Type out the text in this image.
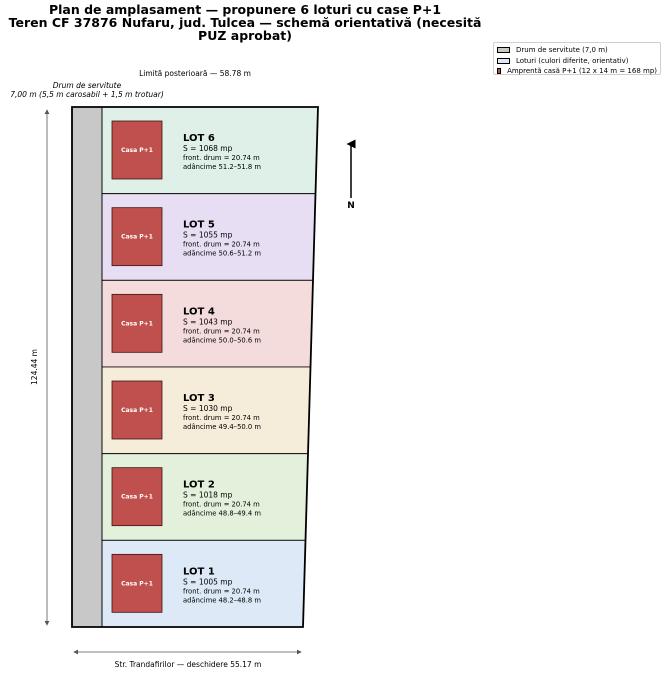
Plan de amplasament — propunere 6 loturi cu case P+1
Teren CF 37876 Nufaru, jud. Tulcea — schemă orientativă (necesită PUZ aprobat)
Limită posterioară — 58.78 m
Drum de servitute
7,00 m (5,5 m carosabil + 1,5 m trotuar)
Casa P+1
LOT 6
S = 1068 mp
front. drum = 20.74 m
adâncime 51.2–51.8 m
Casa P+1
LOT 5
S = 1055 mp
front. drum = 20.74 m
adâncime 50.6–51.2 m
Casa P+1
LOT 4
S = 1043 mp
front. drum = 20.74 m
adâncime 50.0–50.6 m
Casa P+1
LOT 3
S = 1030 mp
front. drum = 20.74 m
adâncime 49.4–50.0 m
Casa P+1
LOT 2
S = 1018 mp
front. drum = 20.74 m
adâncime 48.8–49.4 m
Casa P+1
LOT 1
S = 1005 mp
front. drum = 20.74 m
adâncime 48.2–48.8 m
124.44 m
Str. Trandafirilor — deschidere 55.17 m
N
Drum de servitute (7,0 m)
Loturi (culori diferite, orientativ)
Amprentă casă P+1 (12 x 14 m = 168 mp)
